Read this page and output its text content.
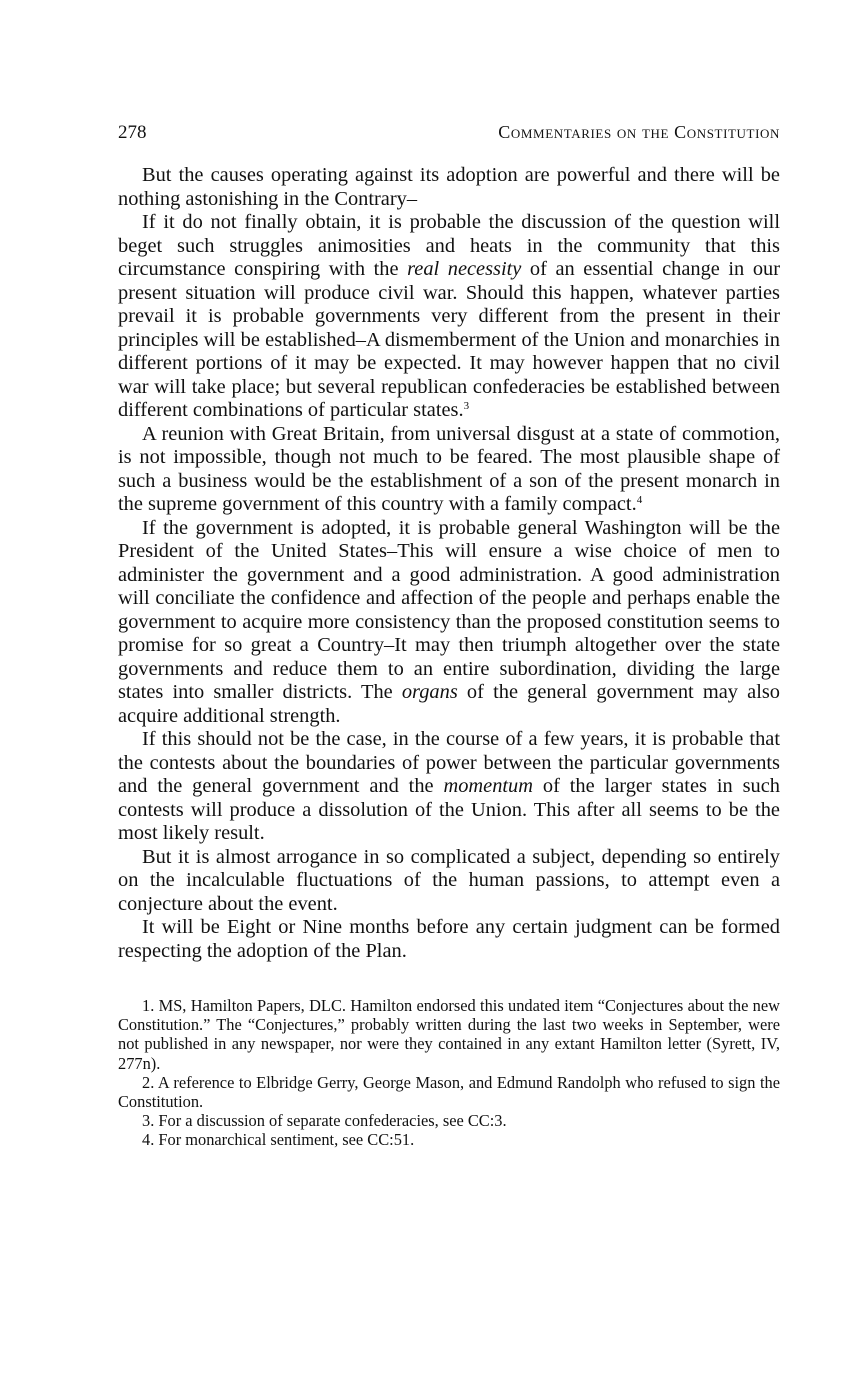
278	Commentaries on the Constitution

But the causes operating against its adoption are powerful and there will be nothing astonishing in the Contrary–

If it do not finally obtain, it is probable the discussion of the question will beget such struggles animosities and heats in the community that this circumstance conspiring with the real necessity of an essential change in our present situation will produce civil war. Should this happen, whatever parties prevail it is probable governments very different from the present in their principles will be established–A dismemberment of the Union and monarchies in different portions of it may be expected. It may however happen that no civil war will take place; but several republican confederacies be established between different combinations of particular states.$^3$

A reunion with Great Britain, from universal disgust at a state of commotion, is not impossible, though not much to be feared. The most plausible shape of such a business would be the establishment of a son of the present monarch in the supreme government of this country with a family compact.$^4$

If the government is adopted, it is probable general Washington will be the President of the United States–This will ensure a wise choice of men to administer the government and a good administration. A good administration will conciliate the confidence and affection of the people and perhaps enable the government to acquire more consistency than the proposed constitution seems to promise for so great a Country–It may then triumph altogether over the state governments and reduce them to an entire subordination, dividing the large states into smaller districts. The organs of the general government may also acquire additional strength.

If this should not be the case, in the course of a few years, it is probable that the contests about the boundaries of power between the particular governments and the general government and the momentum of the larger states in such contests will produce a dissolution of the Union. This after all seems to be the most likely result.

But it is almost arrogance in so complicated a subject, depending so entirely on the incalculable fluctuations of the human passions, to attempt even a conjecture about the event.

It will be Eight or Nine months before any certain judgment can be formed respecting the adoption of the Plan.

1. MS, Hamilton Papers, DLC. Hamilton endorsed this undated item “Conjectures about the new Constitution.” The “Conjectures,” probably written during the last two weeks in September, were not published in any newspaper, nor were they contained in any extant Hamilton letter (Syrett, IV, 277n).

2. A reference to Elbridge Gerry, George Mason, and Edmund Randolph who refused to sign the Constitution.

3. For a discussion of separate confederacies, see CC:3.

4. For monarchical sentiment, see CC:51.
